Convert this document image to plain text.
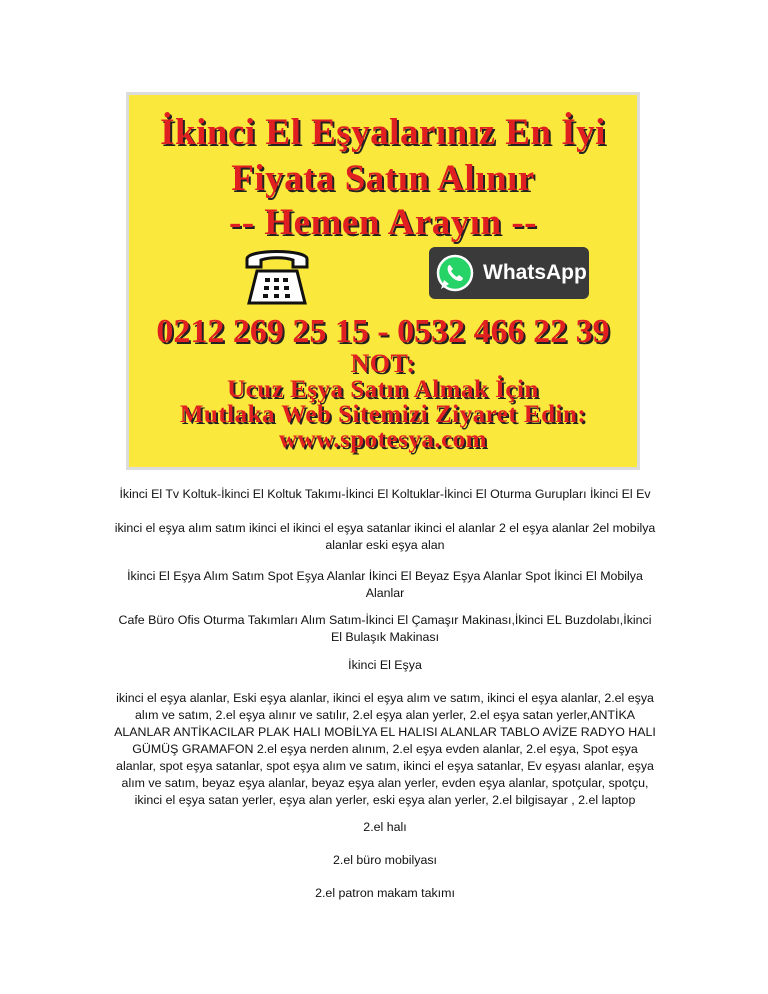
İkinci El Eşyalarınız En İyi
Fiyata Satın Alınır
-- Hemen Arayın --
WhatsApp
0212 269 25 15 - 0532 466 22 39
NOT:
Ucuz Eşya Satın Almak İçin
Mutlaka Web Sitemizi Ziyaret Edin:
www.spotesya.com
İkinci El Tv Koltuk-İkinci El Koltuk Takımı-İkinci El Koltuklar-İkinci El Oturma Gurupları İkinci El Ev
ikinci el eşya alım satım ikinci el ikinci el eşya satanlar ikinci el alanlar 2 el eşya alanlar 2el mobilya alanlar eski eşya alan
İkinci El Eşya Alım Satım Spot Eşya Alanlar İkinci El Beyaz Eşya Alanlar Spot İkinci El Mobilya Alanlar
Cafe Büro Ofis Oturma Takımları Alım Satım-İkinci El Çamaşır Makinası,İkinci EL Buzdolabı,İkinci El Bulaşık Makinası
İkinci El Eşya
ikinci el eşya alanlar, Eski eşya alanlar, ikinci el eşya alım ve satım, ikinci el eşya alanlar, 2.el eşya alım ve satım, 2.el eşya alınır ve satılır, 2.el eşya alan yerler, 2.el eşya satan yerler,ANTİKA ALANLAR ANTİKACILAR PLAK HALI MOBİLYA EL HALISI ALANLAR TABLO AVİZE RADYO HALI GÜMÜŞ GRAMAFON 2.el eşya nerden alınım, 2.el eşya evden alanlar, 2.el eşya, Spot eşya alanlar, spot eşya satanlar, spot eşya alım ve satım, ikinci el eşya satanlar, Ev eşyası alanlar, eşya alım ve satım, beyaz eşya alanlar, beyaz eşya alan yerler, evden eşya alanlar, spotçular, spotçu, ikinci el eşya satan yerler, eşya alan yerler, eski eşya alan yerler, 2.el bilgisayar , 2.el laptop
2.el halı
2.el büro mobilyası
2.el patron makam takımı
